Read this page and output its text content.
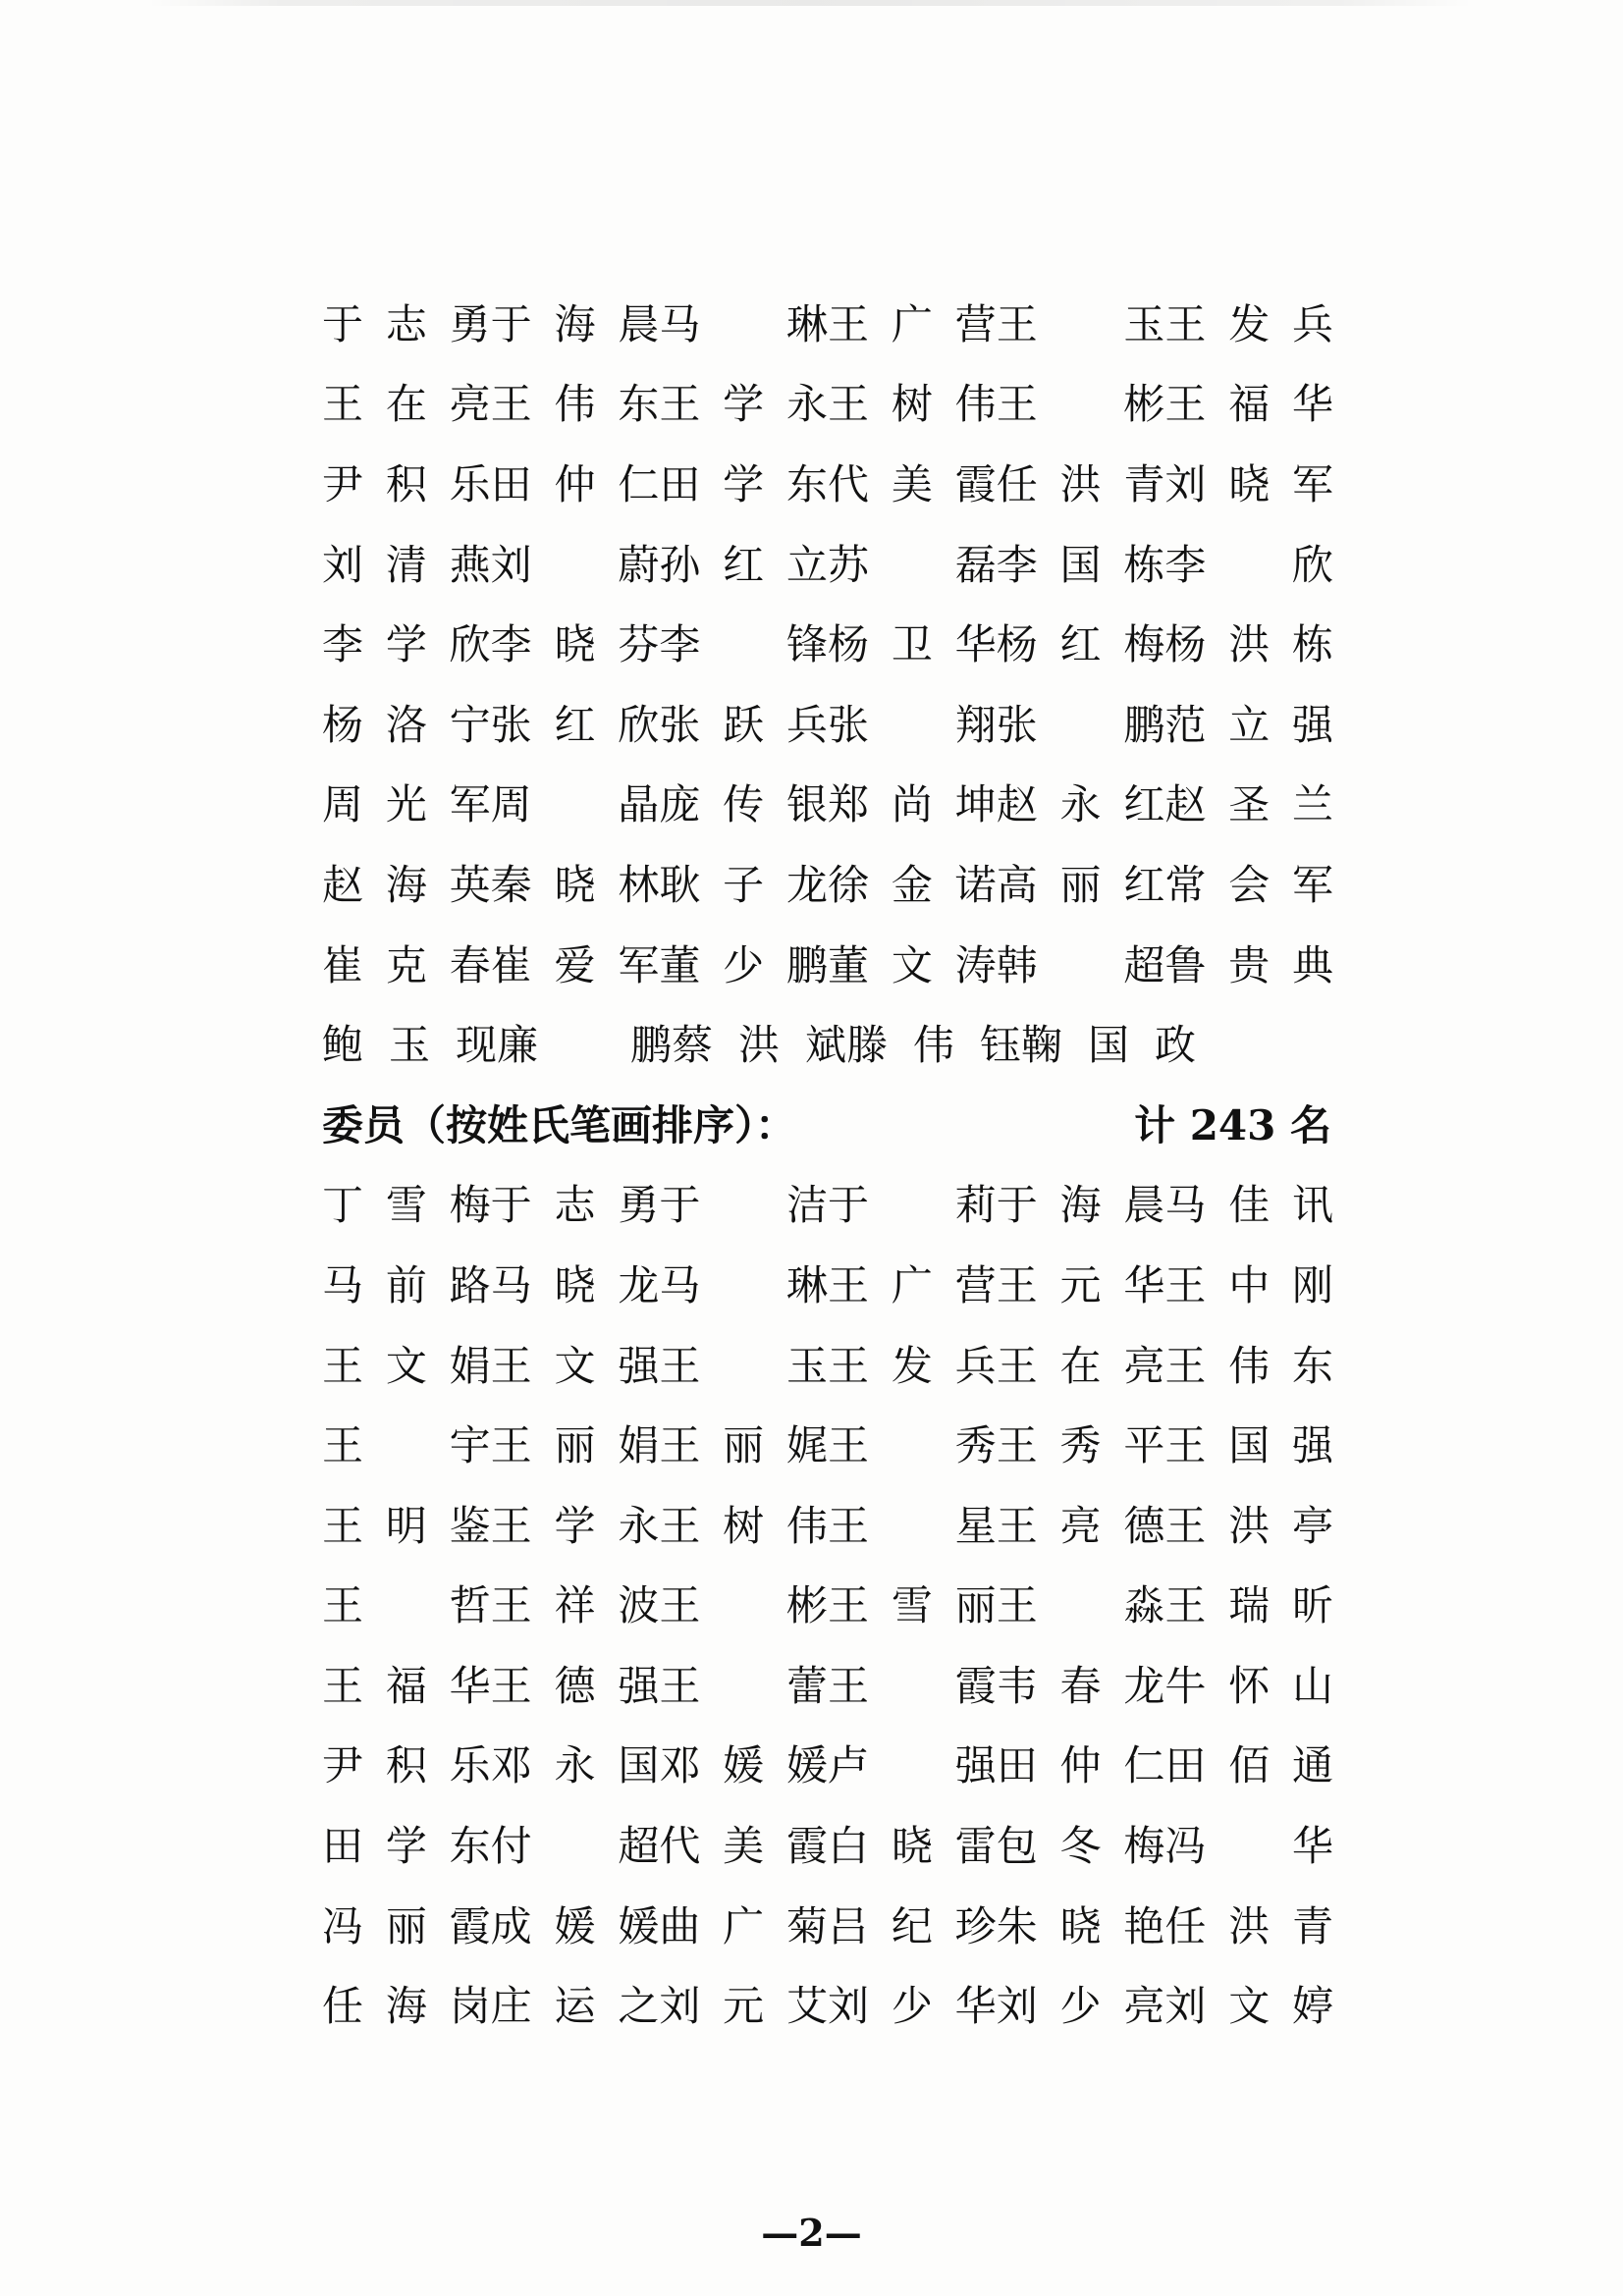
于 志 勇 于 海 晨 马 琳 王 广 营 王 玉 王 发 兵
王 在 亮 王 伟 东 王 学 永 王 树 伟 王 彬 王 福 华
尹 积 乐 田 仲 仁 田 学 东 代 美 霞 任 洪 青 刘 晓 军
刘 清 燕 刘 蔚 孙 红 立 苏 磊 李 国 栋 李 欣
李 学 欣 李 晓 芬 李 锋 杨 卫 华 杨 红 梅 杨 洪 栋
杨 洛 宁 张 红 欣 张 跃 兵 张 翔 张 鹏 范 立 强
周 光 军 周 晶 庞 传 银 郑 尚 坤 赵 永 红 赵 圣 兰
赵 海 英 秦 晓 林 耿 子 龙 徐 金 诺 高 丽 红 常 会 军
崔 克 春 崔 爱 军 董 少 鹏 董 文 涛 韩 超 鲁 贵 典
鲍 玉 现 廉 鹏 蔡 洪 斌 滕 伟 钰 鞠 国 政
委员（按姓氏笔画排序）：	计 243 名
丁 雪 梅 于 志 勇 于 洁 于 莉 于 海 晨 马 佳 讯
马 前 路 马 晓 龙 马 琳 王 广 营 王 元 华 王 中 刚
王 文 娟 王 文 强 王 玉 王 发 兵 王 在 亮 王 伟 东
王 宇 王 丽 娟 王 丽 娓 王 秀 王 秀 平 王 国 强
王 明 鉴 王 学 永 王 树 伟 王 星 王 亮 德 王 洪 亭
王 哲 王 祥 波 王 彬 王 雪 丽 王 淼 王 瑞 昕
王 福 华 王 德 强 王 蕾 王 霞 韦 春 龙 牛 怀 山
尹 积 乐 邓 永 国 邓 媛 媛 卢 强 田 仲 仁 田 佰 通
田 学 东 付 超 代 美 霞 白 晓 雷 包 冬 梅 冯 华
冯 丽 霞 成 媛 媛 曲 广 菊 吕 纪 珍 朱 晓 艳 任 洪 青
任 海 岗 庄 运 之 刘 元 艾 刘 少 华 刘 少 亮 刘 文 婷
—2—
